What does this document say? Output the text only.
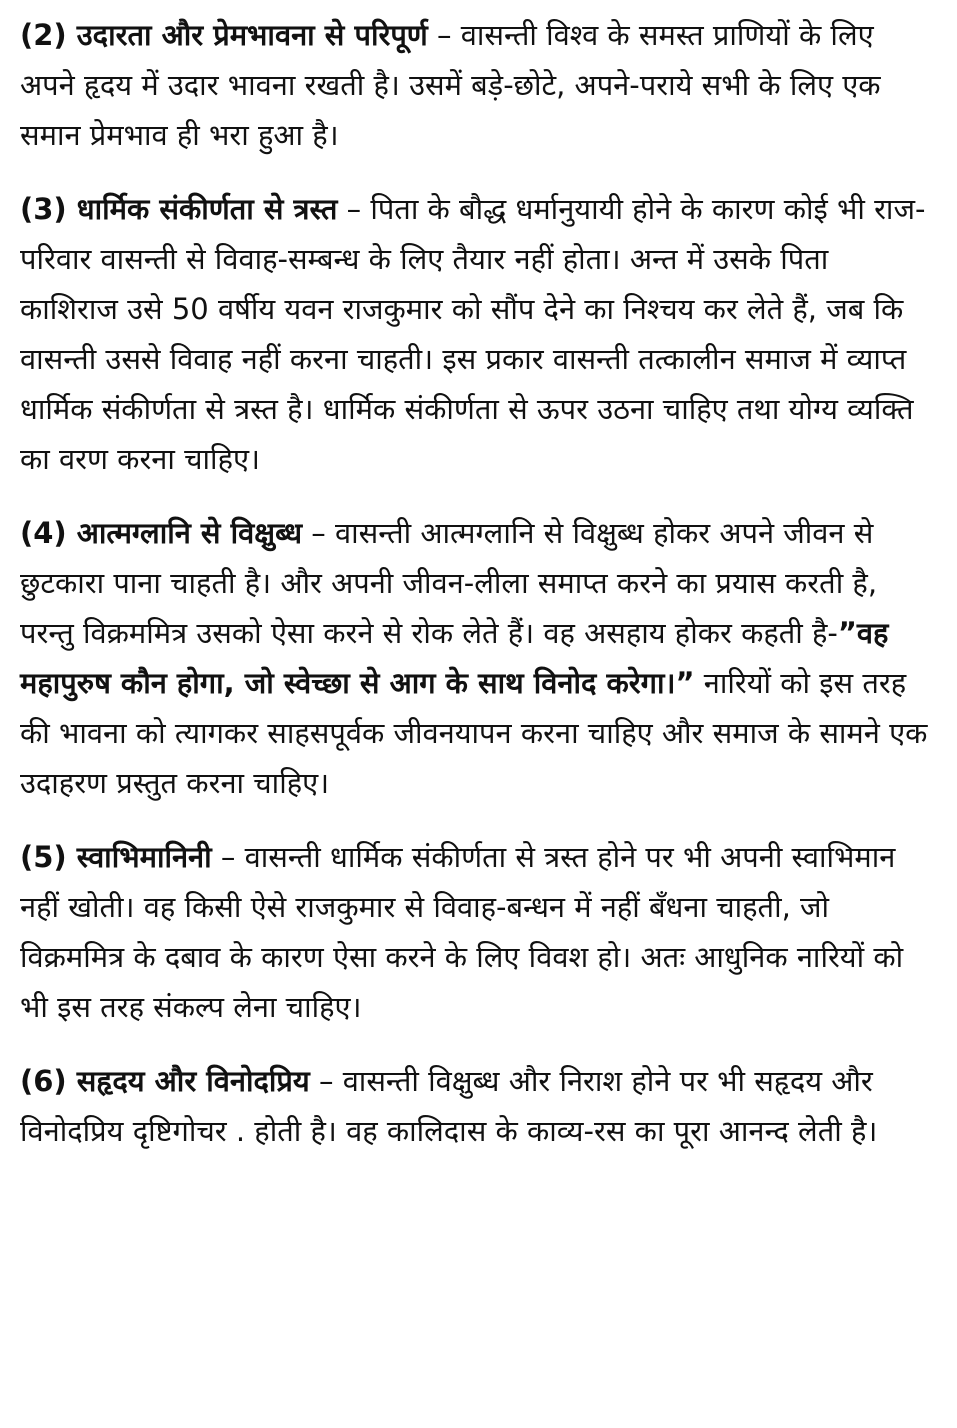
(2) उदारता और प्रेमभावना से परिपूर्ण – वासन्ती विश्व के समस्त प्राणियों के लिए अपने हृदय में उदार भावना रखती है। उसमें बड़े-छोटे, अपने-पराये सभी के लिए एक समान प्रेमभाव ही भरा हुआ है।

(3) धार्मिक संकीर्णता से त्रस्त – पिता के बौद्ध धर्मानुयायी होने के कारण कोई भी राज-परिवार वासन्ती से विवाह-सम्बन्ध के लिए तैयार नहीं होता। अन्त में उसके पिता काशिराज उसे 50 वर्षीय यवन राजकुमार को सौंप देने का निश्चय कर लेते हैं, जब कि वासन्ती उससे विवाह नहीं करना चाहती। इस प्रकार वासन्ती तत्कालीन समाज में व्याप्त धार्मिक संकीर्णता से त्रस्त है। धार्मिक संकीर्णता से ऊपर उठना चाहिए तथा योग्य व्यक्ति का वरण करना चाहिए।

(4) आत्मग्लानि से विक्षुब्ध – वासन्ती आत्मग्लानि से विक्षुब्ध होकर अपने जीवन से छुटकारा पाना चाहती है। और अपनी जीवन-लीला समाप्त करने का प्रयास करती है, परन्तु विक्रममित्र उसको ऐसा करने से रोक लेते हैं। वह असहाय होकर कहती है-”वह महापुरुष कौन होगा, जो स्वेच्छा से आग के साथ विनोद करेगा।” नारियों को इस तरह की भावना को त्यागकर साहसपूर्वक जीवनयापन करना चाहिए और समाज के सामने एक उदाहरण प्रस्तुत करना चाहिए।

(5) स्वाभिमानिनी – वासन्ती धार्मिक संकीर्णता से त्रस्त होने पर भी अपनी स्वाभिमान नहीं खोती। वह किसी ऐसे राजकुमार से विवाह-बन्धन में नहीं बँधना चाहती, जो विक्रममित्र के दबाव के कारण ऐसा करने के लिए विवश हो। अतः आधुनिक नारियों को भी इस तरह संकल्प लेना चाहिए।

(6) सहृदय और विनोदप्रिय – वासन्ती विक्षुब्ध और निराश होने पर भी सहृदय और विनोदप्रिय दृष्टिगोचर . होती है। वह कालिदास के काव्य-रस का पूरा आनन्द लेती है।
